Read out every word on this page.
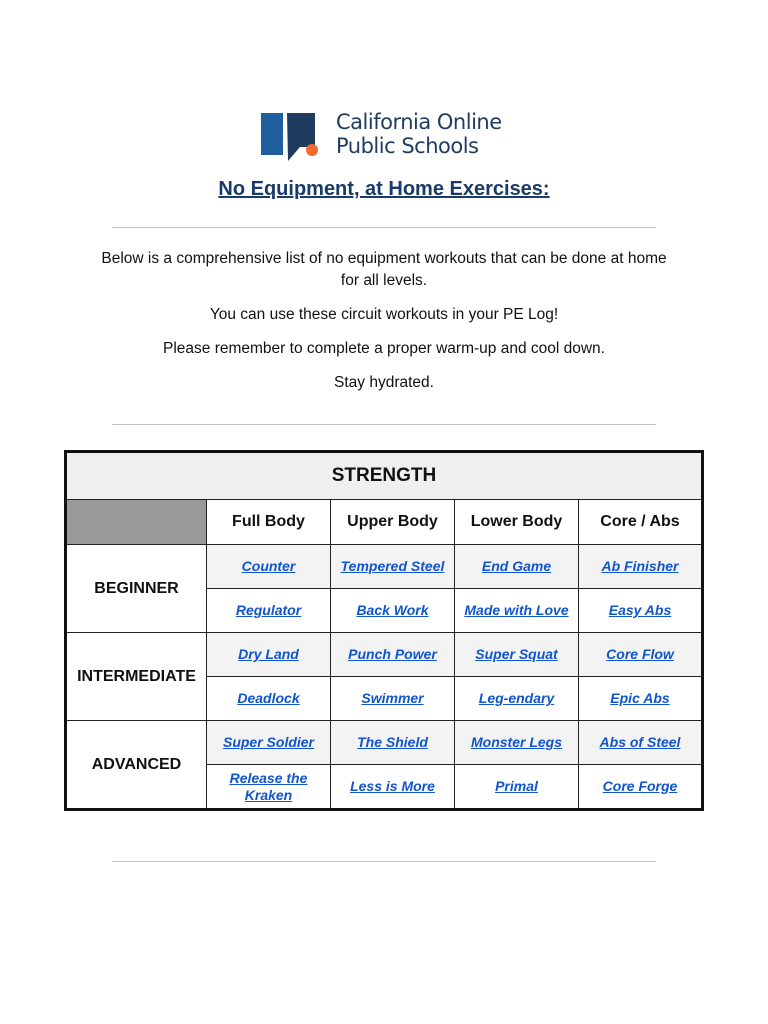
California Online
Public Schools
No Equipment, at Home Exercises:

Below is a comprehensive list of no equipment workouts that can be done at home for all levels.

You can use these circuit workouts in your PE Log!

Please remember to complete a proper warm-up and cool down.

Stay hydrated.

STRENGTH				
	Full Body	Upper Body	Lower Body	Core / Abs
BEGINNER	Counter	Tempered Steel	End Game	Ab Finisher
	Regulator	Back Work	Made with Love	Easy Abs
INTERMEDIATE	Dry Land	Punch Power	Super Squat	Core Flow
	Deadlock	Swimmer	Leg-endary	Epic Abs
ADVANCED	Super Soldier	The Shield	Monster Legs	Abs of Steel
	Release the Kraken	Less is More	Primal	Core Forge
